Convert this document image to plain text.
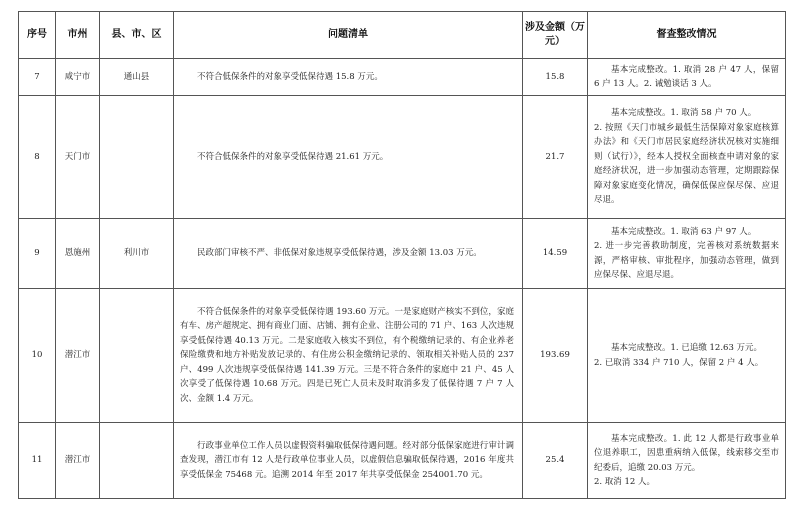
序号	市州	县、市、区	问题清单	涉及金额（万元）	督查整改情况
7	咸宁市	通山县	不符合低保条件的对象享受低保待遇 15.8 万元。	15.8	基本完成整改。1. 取消 28 户 47 人，保留 6 户 13 人。2. 诫勉谈话 3 人。

8	天门市		不符合低保条件的对象享受低保待遇 21.61 万元。	21.7	基本完成整改。1. 取消 58 户 70 人。
2. 按照《天门市城乡最低生活保障对象家庭核算办法》和《天门市居民家庭经济状况核对实施细则（试行）》，经本人授权全面核查申请对象的家庭经济状况，进一步加强动态管理，定期跟踪保障对象家庭变化情况，确保低保应保尽保、应退尽退。

9	恩施州	利川市	民政部门审核不严、非低保对象违规享受低保待遇，涉及金额 13.03 万元。	14.59	基本完成整改。1. 取消 63 户 97 人。
2. 进一步完善救助制度，完善核对系统数据来源，严格审核、审批程序，加强动态管理，做到应保尽保、应退尽退。

10	潜江市		不符合低保条件的对象享受低保待遇 193.60 万元。一是家庭财产核实不到位，家庭有车、房产超规定、拥有商业门面、店铺、拥有企业、注册公司的 71 户、163 人次违规享受低保待遇 40.13 万元。二是家庭收入核实不到位，有个税缴纳记录的、有企业养老保险缴费和地方补贴发放记录的、有住房公积金缴纳记录的、领取相关补贴人员的 237 户、499 人次违规享受低保待遇 141.39 万元。三是不符合条件的家庭中 21 户、45 人次享受了低保待遇 10.68 万元。四是已死亡人员未及时取消多发了低保待遇 7 户 7 人次、金额 1.4 万元。	193.69	基本完成整改。1. 已追缴 12.63 万元。
2. 已取消 334 户 710 人，保留 2 户 4 人。

11	潜江市		行政事业单位工作人员以虚假资料骗取低保待遇问题。经对部分低保家庭进行审计调查发现，潜江市有 12 人是行政单位事业人员，以虚假信息骗取低保待遇，2016 年度共享受低保金 75468 元。追溯 2014 年至 2017 年共享受低保金 254001.70 元。	25.4	基本完成整改。1. 此 12 人都是行政事业单位退养职工，因患重病纳入低保，线索移交至市纪委后，追缴 20.03 万元。
2. 取消 12 人。
